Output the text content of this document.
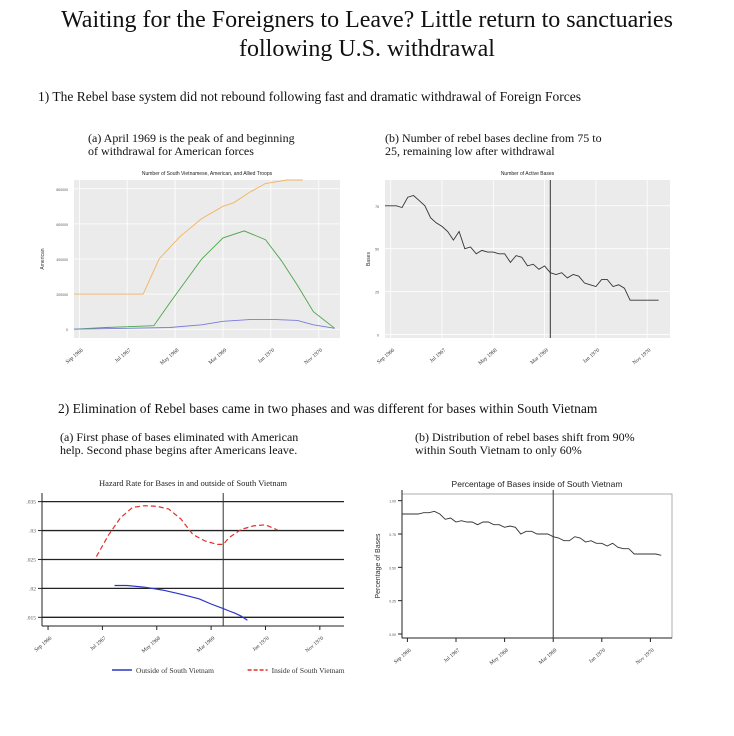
Waiting for the Foreigners to Leave? Little return to sanctuaries
following U.S. withdrawal
1) The Rebel base system did not rebound following fast and dramatic withdrawal of Foreign Forces
(a) April 1969 is the peak of and beginning
of withdrawal for American forces
(b) Number of rebel bases decline from 75 to
25, remaining low after withdrawal
2) Elimination of Rebel bases came in two phases and was different for bases within South Vietnam
(a) First phase of bases eliminated with American
help. Second phase begins after Americans leave.
(b) Distribution of rebel bases shift from 90%
within South Vietnam to only 60%
Number of South Vietnamese, American, and Allied Troops
0
200000
400000
600000
800000
Sep 1966	Jul 1967	May 1968	Mar 1969	Jan 1970	Nov 1970
American
Number of Active Bases
0
25
50
75
Sep 1966	Jul 1967	May 1968	Mar 1969	Jan 1970	Nov 1970
Bases
Hazard Rate for Bases in and outside of South Vietnam
.015
.02
.025
.03
.035
Sep 1966	Jul 1967	May 1968	Mar 1969	Jan 1970	Nov 1970
Outside of South Vietnam	Inside of South Vietnam
Percentage of Bases inside of South Vietnam
0.00
0.25
0.50
0.75
1.00
Sep 1966	Jul 1967	May 1968	Mar 1969	Jan 1970	Nov 1970
Percentage of Bases
